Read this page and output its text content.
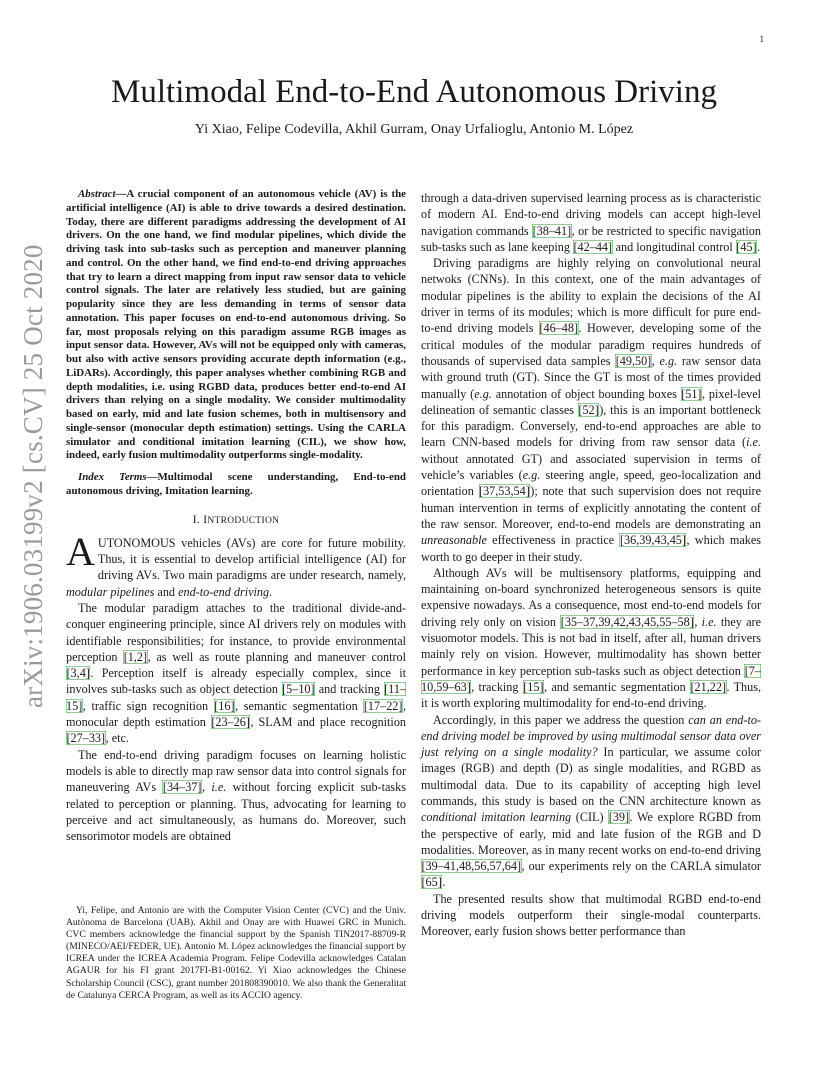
1
arXiv:1906.03199v2 [cs.CV] 25 Oct 2020
Multimodal End-to-End Autonomous Driving
Yi Xiao, Felipe Codevilla, Akhil Gurram, Onay Urfalioglu, Antonio M. López

Abstract—A crucial component of an autonomous vehicle (AV) is the artificial intelligence (AI) is able to drive towards a desired destination. Today, there are different paradigms addressing the development of AI drivers. On the one hand, we find modular pipelines, which divide the driving task into sub-tasks such as perception and maneuver planning and control. On the other hand, we find end-to-end driving approaches that try to learn a direct mapping from input raw sensor data to vehicle control signals. The later are relatively less studied, but are gaining popularity since they are less demanding in terms of sensor data annotation. This paper focuses on end-to-end autonomous driving. So far, most proposals relying on this paradigm assume RGB images as input sensor data. However, AVs will not be equipped only with cameras, but also with active sensors providing accurate depth information (e.g., LiDARs). Accordingly, this paper analyses whether combining RGB and depth modalities, i.e. using RGBD data, produces better end-to-end AI drivers than relying on a single modality. We consider multimodality based on early, mid and late fusion schemes, both in multisensory and single-sensor (monocular depth estimation) settings. Using the CARLA simulator and conditional imitation learning (CIL), we show how, indeed, early fusion multimodality outperforms single-modality.

Index Terms—Multimodal scene understanding, End-to-end autonomous driving, Imitation learning.

I. INTRODUCTION

AUTONOMOUS vehicles (AVs) are core for future mobility. Thus, it is essential to develop artificial intelligence (AI) for driving AVs. Two main paradigms are under research, namely, modular pipelines and end-to-end driving.

The modular paradigm attaches to the traditional divide-and-conquer engineering principle, since AI drivers rely on modules with identifiable responsibilities; for instance, to provide environmental perception [1,2], as well as route planning and maneuver control [3,4]. Perception itself is already especially complex, since it involves sub-tasks such as object detection [5–10] and tracking [11–15], traffic sign recognition [16], semantic segmentation [17–22], monocular depth estimation [23–26], SLAM and place recognition [27–33], etc.

The end-to-end driving paradigm focuses on learning holistic models is able to directly map raw sensor data into control signals for maneuvering AVs [34–37], i.e. without forcing explicit sub-tasks related to perception or planning. Thus, advocating for learning to perceive and act simultaneously, as humans do. Moreover, such sensorimotor models are obtained

Yi, Felipe, and Antonio are with the Computer Vision Center (CVC) and the Univ. Autònoma de Barcelona (UAB). Akhil and Onay are with Huawei GRC in Munich. CVC members acknowledge the financial support by the Spanish TIN2017-88709-R (MINECO/AEI/FEDER, UE). Antonio M. López acknowledges the financial support by ICREA under the ICREA Academia Program. Felipe Codevilla acknowledges Catalan AGAUR for his FI grant 2017FI-B1-00162. Yi Xiao acknowledges the Chinese Scholarship Council (CSC), grant number 201808390010. We also thank the Generalitat de Catalunya CERCA Program, as well as its ACCIO agency.

through a data-driven supervised learning process as is characteristic of modern AI. End-to-end driving models can accept high-level navigation commands [38–41], or be restricted to specific navigation sub-tasks such as lane keeping [42–44] and longitudinal control [45].

Driving paradigms are highly relying on convolutional neural netwoks (CNNs). In this context, one of the main advantages of modular pipelines is the ability to explain the decisions of the AI driver in terms of its modules; which is more difficult for pure end-to-end driving models [46–48]. However, developing some of the critical modules of the modular paradigm requires hundreds of thousands of supervised data samples [49,50], e.g. raw sensor data with ground truth (GT). Since the GT is most of the times provided manually (e.g. annotation of object bounding boxes [51], pixel-level delineation of semantic classes [52]), this is an important bottleneck for this paradigm. Conversely, end-to-end approaches are able to learn CNN-based models for driving from raw sensor data (i.e. without annotated GT) and associated supervision in terms of vehicle’s variables (e.g. steering angle, speed, geo-localization and orientation [37,53,54]); note that such supervision does not require human intervention in terms of explicitly annotating the content of the raw sensor. Moreover, end-to-end models are demonstrating an unreasonable effectiveness in practice [36,39,43,45], which makes worth to go deeper in their study.

Although AVs will be multisensory platforms, equipping and maintaining on-board synchronized heterogeneous sensors is quite expensive nowadays. As a consequence, most end-to-end models for driving rely only on vision [35–37,39,42,43,45,55–58], i.e. they are visuomotor models. This is not bad in itself, after all, human drivers mainly rely on vision. However, multimodality has shown better performance in key perception sub-tasks such as object detection [7–10,59–63], tracking [15], and semantic segmentation [21,22]. Thus, it is worth exploring multimodality for end-to-end driving.

Accordingly, in this paper we address the question can an end-to-end driving model be improved by using multimodal sensor data over just relying on a single modality? In particular, we assume color images (RGB) and depth (D) as single modalities, and RGBD as multimodal data. Due to its capability of accepting high level commands, this study is based on the CNN architecture known as conditional imitation learning (CIL) [39]. We explore RGBD from the perspective of early, mid and late fusion of the RGB and D modalities. Moreover, as in many recent works on end-to-end driving [39–41,48,56,57,64], our experiments rely on the CARLA simulator [65].

The presented results show that multimodal RGBD end-to-end driving models outperform their single-modal counterparts. Moreover, early fusion shows better performance than
